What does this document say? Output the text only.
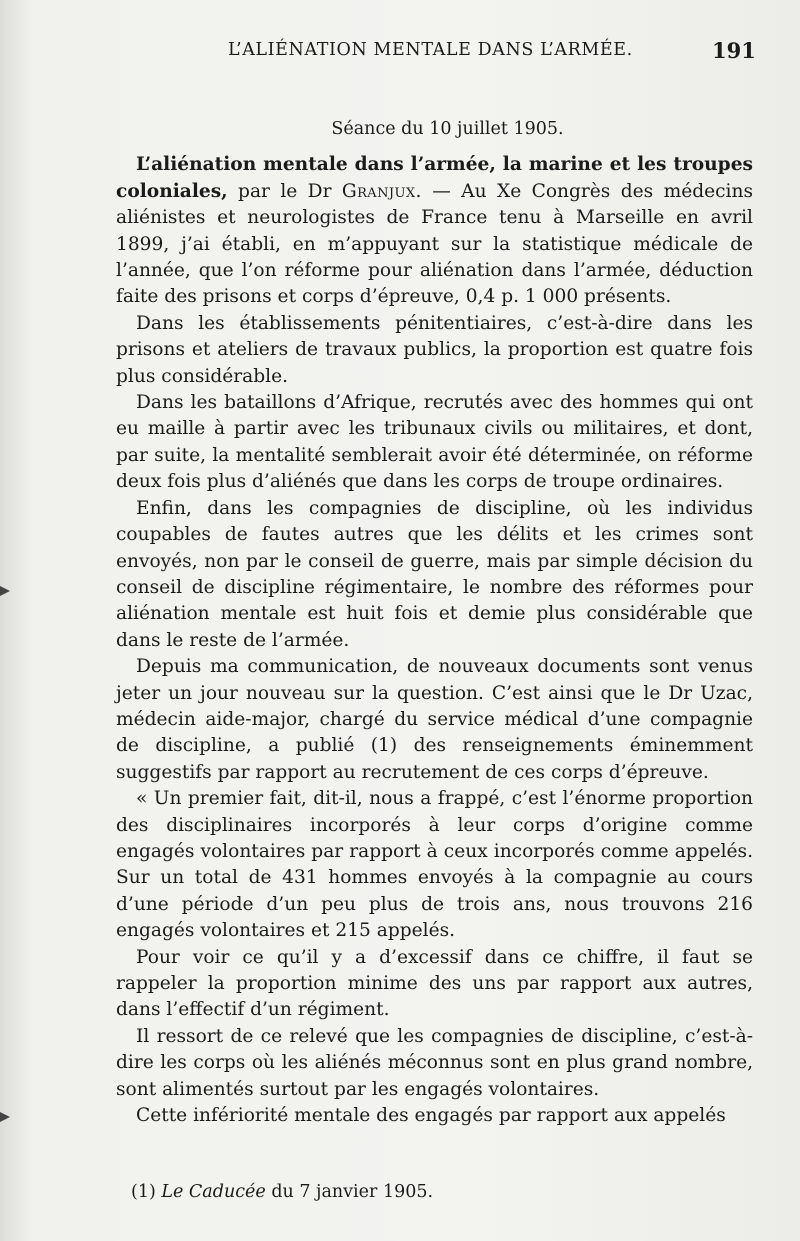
L’ALIÉNATION MENTALE DANS L’ARMÉE.	191
Séance du 10 juillet 1905.

L’aliénation mentale dans l’armée, la marine et les troupes coloniales, par le Dr Granjux. — Au Xe Congrès des médecins aliénistes et neurologistes de France tenu à Marseille en avril 1899, j’ai établi, en m’appuyant sur la statistique médicale de l’année, que l’on réforme pour aliénation dans l’armée, déduction faite des prisons et corps d’épreuve, 0,4 p. 1 000 présents.

Dans les établissements pénitentiaires, c’est-à-dire dans les prisons et ateliers de travaux publics, la proportion est quatre fois plus considérable.

Dans les bataillons d’Afrique, recrutés avec des hommes qui ont eu maille à partir avec les tribunaux civils ou militaires, et dont, par suite, la mentalité semblerait avoir été déterminée, on réforme deux fois plus d’aliénés que dans les corps de troupe ordinaires.

Enfin, dans les compagnies de discipline, où les individus coupables de fautes autres que les délits et les crimes sont envoyés, non par le conseil de guerre, mais par simple décision du conseil de discipline régimentaire, le nombre des réformes pour aliénation mentale est huit fois et demie plus considérable que dans le reste de l’armée.

Depuis ma communication, de nouveaux documents sont venus jeter un jour nouveau sur la question. C’est ainsi que le Dr Uzac, médecin aide-major, chargé du service médical d’une compagnie de discipline, a publié (1) des renseignements éminemment suggestifs par rapport au recrutement de ces corps d’épreuve.

« Un premier fait, dit-il, nous a frappé, c’est l’énorme proportion des disciplinaires incorporés à leur corps d’origine comme engagés volontaires par rapport à ceux incorporés comme appelés. Sur un total de 431 hommes envoyés à la compagnie au cours d’une période d’un peu plus de trois ans, nous trouvons 216 engagés volontaires et 215 appelés.

Pour voir ce qu’il y a d’excessif dans ce chiffre, il faut se rappeler la proportion minime des uns par rapport aux autres, dans l’effectif d’un régiment.

Il ressort de ce relevé que les compagnies de discipline, c’est-à-dire les corps où les aliénés méconnus sont en plus grand nombre, sont alimentés surtout par les engagés volontaires.

Cette infériorité mentale des engagés par rapport aux appelés

(1) Le Caducée du 7 janvier 1905.
